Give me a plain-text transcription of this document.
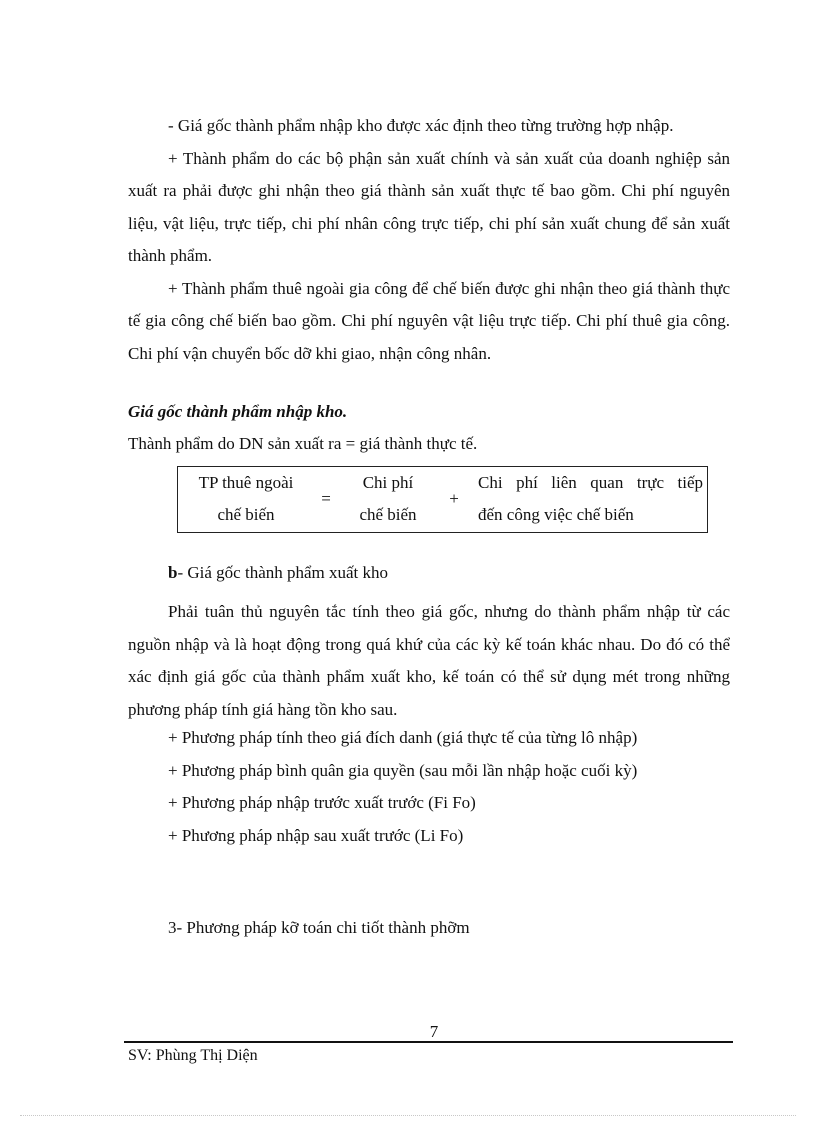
- Giá gốc thành phẩm nhập kho được xác định theo từng trường hợp nhập.

+ Thành phẩm do các bộ phận sản xuất chính và sản xuất của doanh nghiệp sản xuất ra phải được ghi nhận theo giá thành sản xuất thực tế bao gồm. Chi phí nguyên liệu, vật liệu, trực tiếp, chi phí nhân công trực tiếp, chi phí sản xuất chung để sản xuất thành phẩm.

+ Thành phẩm thuê ngoài gia công để chế biến được ghi nhận theo giá thành thực tế gia công chế biến bao gồm. Chi phí nguyên vật liệu trực tiếp. Chi phí thuê gia công. Chi phí vận chuyển bốc dỡ khi giao, nhận công nhân.

Giá gốc thành phẩm nhập kho.

Thành phẩm do DN sản xuất ra = giá thành thực tế.

TP thuê ngoài
chế biến
=
Chi phí
chế biến
+
Chi phí liên quan trực tiếp
đến công việc chế biến

b- Giá gốc thành phẩm xuất kho

Phải tuân thủ nguyên tắc tính theo giá gốc, nhưng do thành phẩm nhập từ các nguồn nhập và là hoạt động trong quá khứ của các kỳ kế toán khác nhau. Do đó có thể xác định giá gốc của thành phẩm xuất kho, kế toán có thể sử dụng mét trong những phương pháp tính giá hàng tồn kho sau.

+ Phương pháp tính theo giá đích danh (giá thực tế của từng lô nhập)
+ Phương pháp bình quân gia quyền (sau mỗi lần nhập hoặc cuối kỳ)
+ Phương pháp nhập trước xuất trước (Fi Fo)
+ Phương pháp nhập sau xuất trước (Li Fo)

3- Phương pháp kỡ toán chi tiốt thành phỡm

7

SV: Phùng Thị Diện
